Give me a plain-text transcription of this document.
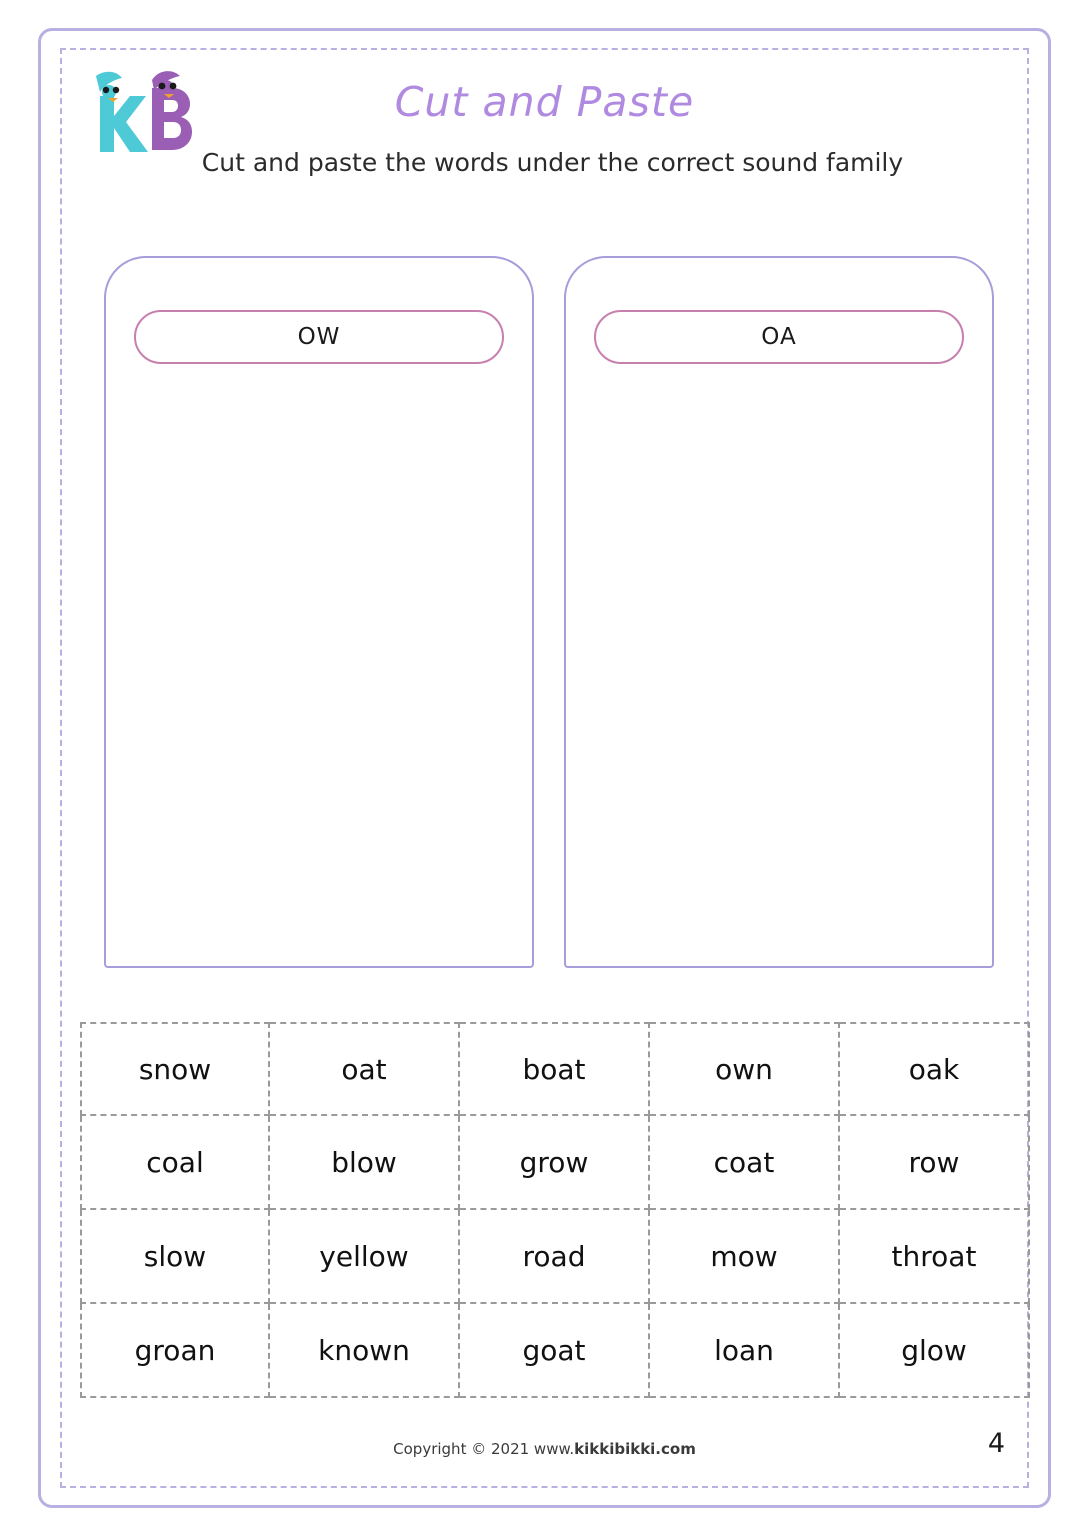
Cut and Paste
Cut and paste the words under the correct sound family
OW	OA
snow	oat	boat	own	oak
coal	blow	grow	coat	row
slow	yellow	road	mow	throat
groan	known	goat	loan	glow
Copyright © 2021 www.kikkibikki.com	4
